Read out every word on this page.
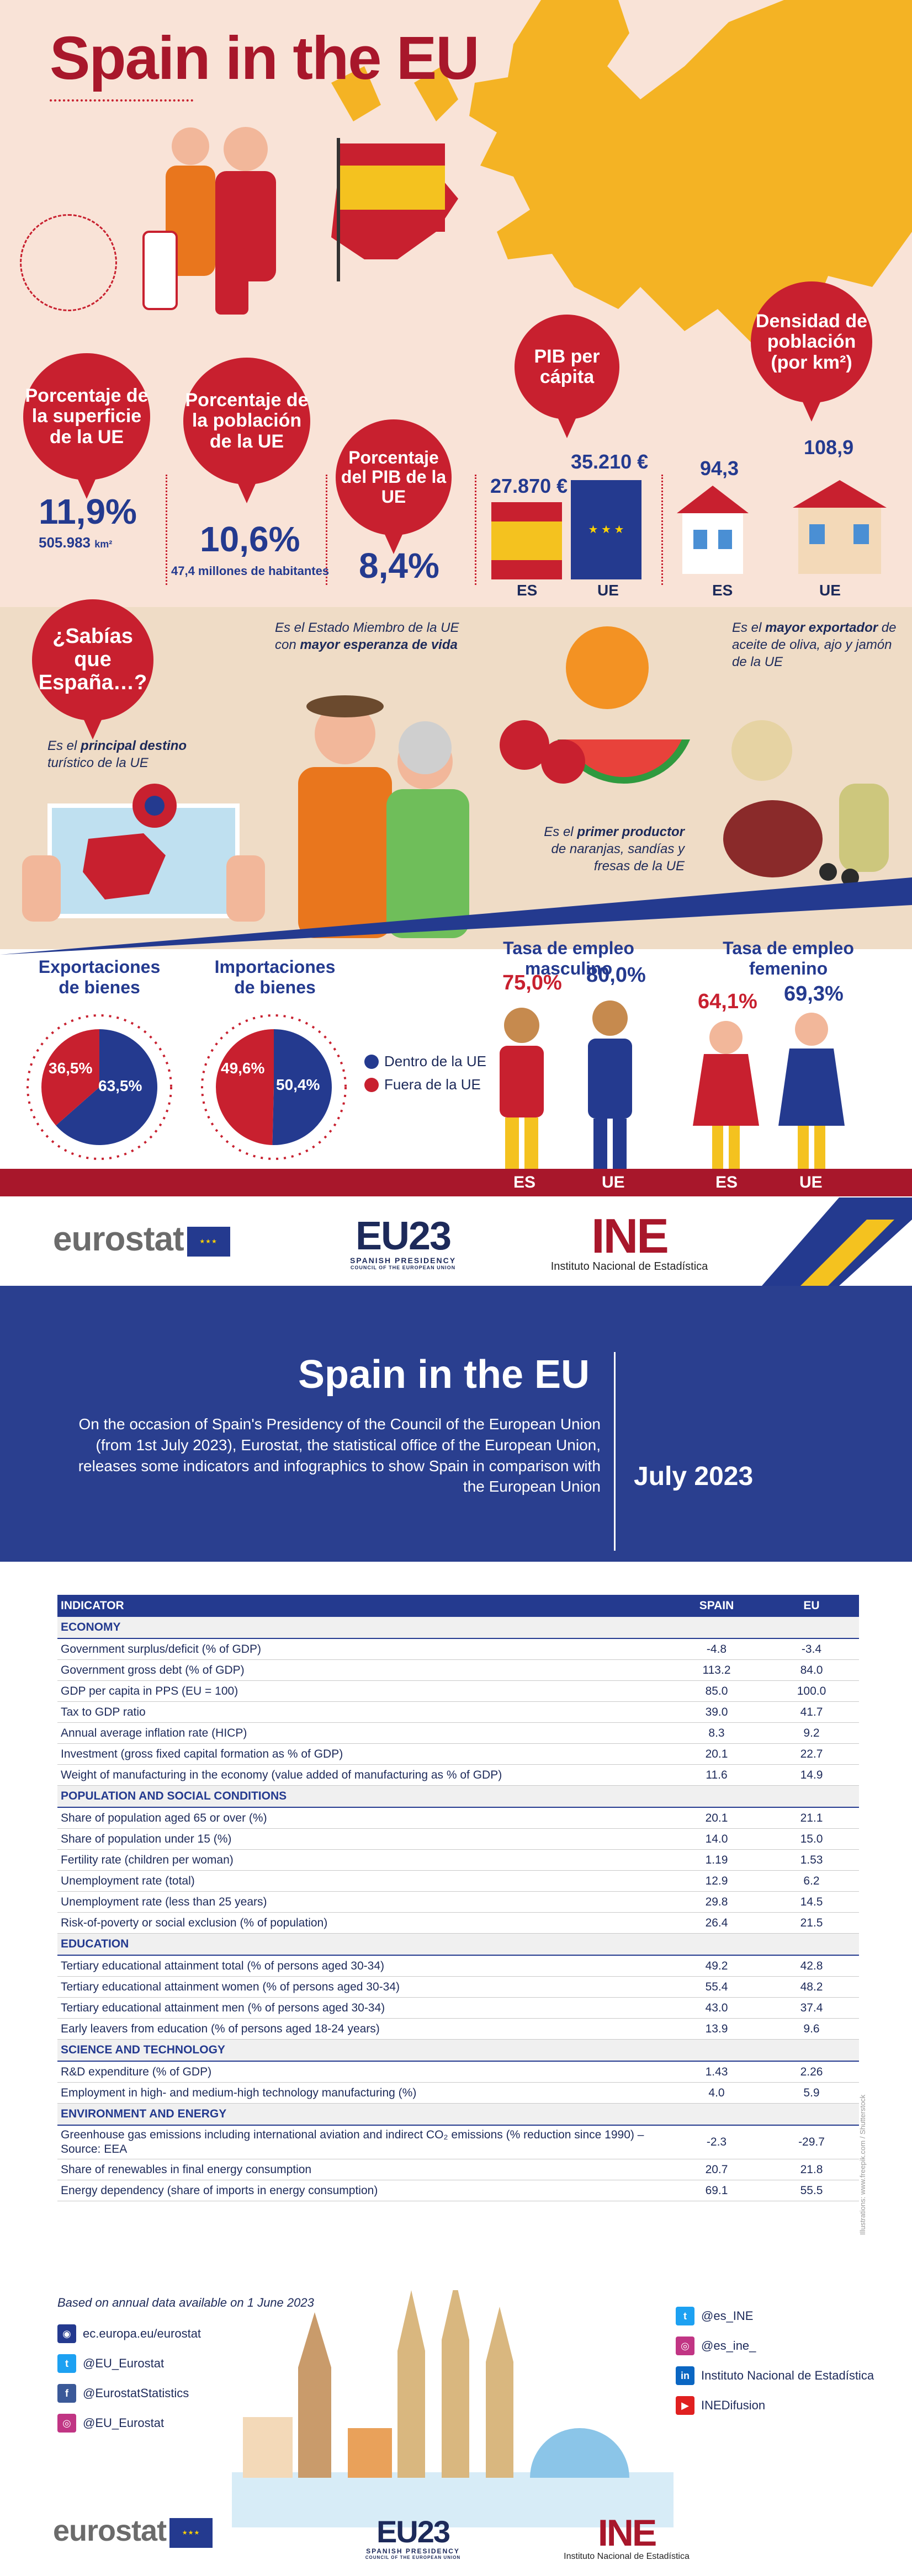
Spain in the EU
Porcentaje de la superficie de la UE
Porcentaje de la población de la UE
Porcentaje del PIB de la UE
PIB per cápita
Densidad de población (por km²)
11,9%
505.983 km² 10,6%
47,4 millones de habitantes 8,4%
27.870 €
35.210 €
★ ★ ★
ES	UE
94,3
108,9
ES	UE
¿Sabías que España…?
Es el principal destino turístico de la UE
Es el Estado Miembro de la UE con mayor esperanza de vida
Es el primer productor de naranjas, sandías y fresas de la UE
Es el mayor exportador de aceite de oliva, ajo y jamón de la UE
Exportaciones de bienes
Importaciones de bienes
36,5%
63,5%
49,6%
50,4%
Dentro de la UE
Fuera de la UE
Tasa de empleo masculino
Tasa de empleo femenino
75,0% 80,0%
64,1% 69,3%
ES	UE	ES	UE
eurostat	★★★	EU23
SPANISH PRESIDENCY
COUNCIL OF THE EUROPEAN UNION
INE
Instituto Nacional de Estadística
Spain in the EU
On the occasion of Spain's Presidency of the Council of the European Union (from 1st July 2023), Eurostat, the statistical office of the European Union, releases some indicators and infographics to show Spain in comparison with the European Union July 2023
INDICATOR	SPAIN	EU
ECONOMY		
Government surplus/deficit (% of GDP)	-4.8	-3.4
Government gross debt (% of GDP)	113.2	84.0
GDP per capita in PPS (EU = 100)	85.0	100.0
Tax to GDP ratio	39.0	41.7
Annual average inflation rate (HICP)	8.3	9.2
Investment (gross fixed capital formation as % of GDP)	20.1	22.7
Weight of manufacturing in the economy (value added of manufacturing as % of GDP)	11.6	14.9
POPULATION AND SOCIAL CONDITIONS		
Share of population aged 65 or over (%)	20.1	21.1
Share of population under 15 (%)	14.0	15.0
Fertility rate (children per woman)	1.19	1.53
Unemployment rate (total)	12.9	6.2
Unemployment rate (less than 25 years)	29.8	14.5
Risk-of-poverty or social exclusion (% of population)	26.4	21.5
EDUCATION		
Tertiary educational attainment total (% of persons aged 30-34)	49.2	42.8
Tertiary educational attainment women (% of persons aged 30-34)	55.4	48.2
Tertiary educational attainment men (% of persons aged 30-34)	43.0	37.4
Early leavers from education (% of persons aged 18-24 years)	13.9	9.6
SCIENCE AND TECHNOLOGY		
R&D expenditure (% of GDP)	1.43	2.26
Employment in high- and medium-high technology manufacturing (%)	4.0	5.9
ENVIRONMENT AND ENERGY		
Greenhouse gas emissions including international aviation and indirect CO₂ emissions (% reduction since 1990) – Source: EEA	-2.3	-29.7
Share of renewables in final energy consumption	20.7	21.8
Energy dependency (share of imports in energy consumption)	69.1	55.5
Based on annual data available on 1 June 2023
Illustrations: www.freepik.com / Shutterstock
◉ ec.europa.eu/eurostat
t	@EU_Eurostat
f	@EurostatStatistics
◎ @EU_Eurostat
t	@es_INE
◎ @es_ine_
in Instituto Nacional de Estadística
▶	INEDifusion
eurostat	★★★	EU23
SPANISH PRESIDENCY
COUNCIL OF THE EUROPEAN UNION
INE
Instituto Nacional de Estadística
